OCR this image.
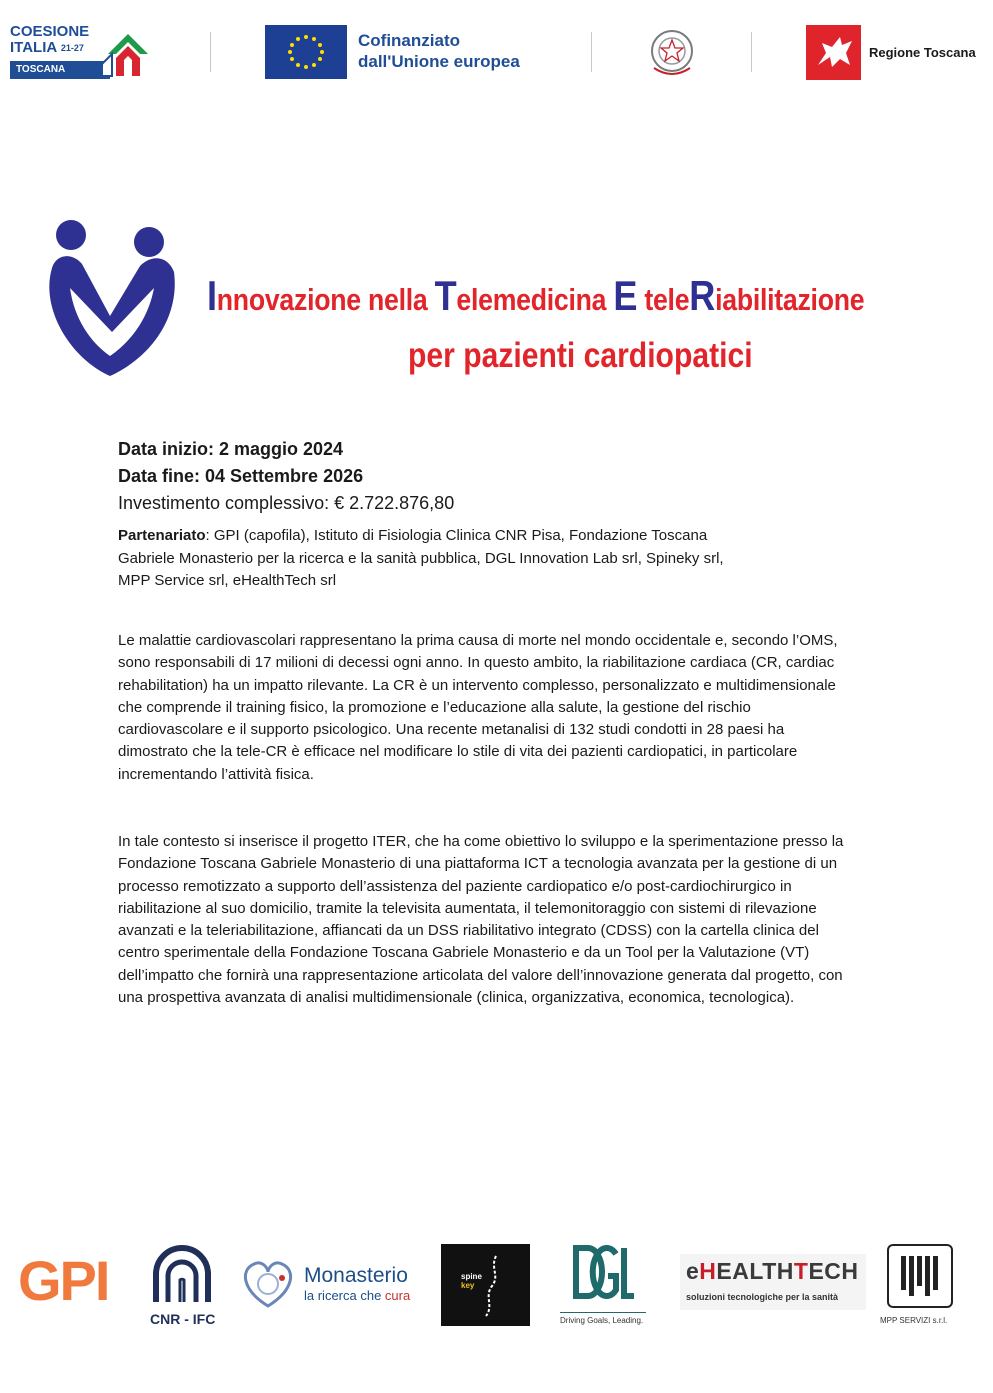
COESIONE
ITALIA $^{21-27}$
TOSCANA
Cofinanziato
dall'Unione europea	Regione Toscana
Innovazione nella Telemedicina E teleRiabilitazione
per pazienti cardiopatici
Data inizio: 2 maggio 2024
Data fine: 04 Settembre 2026
Investimento complessivo: € 2.722.876,80
Partenariato: GPI (capofila), Istituto di Fisiologia Clinica CNR Pisa, Fondazione Toscana Gabriele Monasterio per la ricerca e la sanità pubblica, DGL Innovation Lab srl, Spineky srl, MPP Service srl, eHealthTech srl

Le malattie cardiovascolari rappresentano la prima causa di morte nel mondo occidentale e, secondo l’OMS, sono responsabili di 17 milioni di decessi ogni anno. In questo ambito, la riabilitazione cardiaca (CR, cardiac rehabilitation) ha un impatto rilevante. La CR è un intervento complesso, personalizzato e multidimensionale che comprende il training fisico, la promozione e l’educazione alla salute, la gestione del rischio cardiovascolare e il supporto psicologico. Una recente metanalisi di 132 studi condotti in 28 paesi ha dimostrato che la tele-CR è efficace nel modificare lo stile di vita dei pazienti cardiopatici, in particolare incrementando l’attività fisica.

In tale contesto si inserisce il progetto ITER, che ha come obiettivo lo sviluppo e la sperimentazione presso la Fondazione Toscana Gabriele Monasterio di una piattaforma ICT a tecnologia avanzata per la gestione di un processo remotizzato a supporto dell’assistenza del paziente cardiopatico e/o post-cardiochirurgico in riabilitazione al suo domicilio, tramite la televisita aumentata, il telemonitoraggio con sistemi di rilevazione avanzati e la teleriabilitazione, affiancati da un DSS riabilitativo integrato (CDSS) con la cartella clinica del centro sperimentale della Fondazione Toscana Gabriele Monasterio e da un Tool per la Valutazione (VT) dell’impatto che fornirà una rappresentazione articolata del valore dell’innovazione generata dal progetto, con una prospettiva avanzata di analisi multidimensionale (clinica, organizzativa, economica, tecnologica).

GPI
CNR - IFC
Monasterio
la ricerca che cura
spine
key
Driving Goals, Leading.
eHEALTHTECH
soluzioni tecnologiche per la sanità
MPP SERVIZI s.r.l.
